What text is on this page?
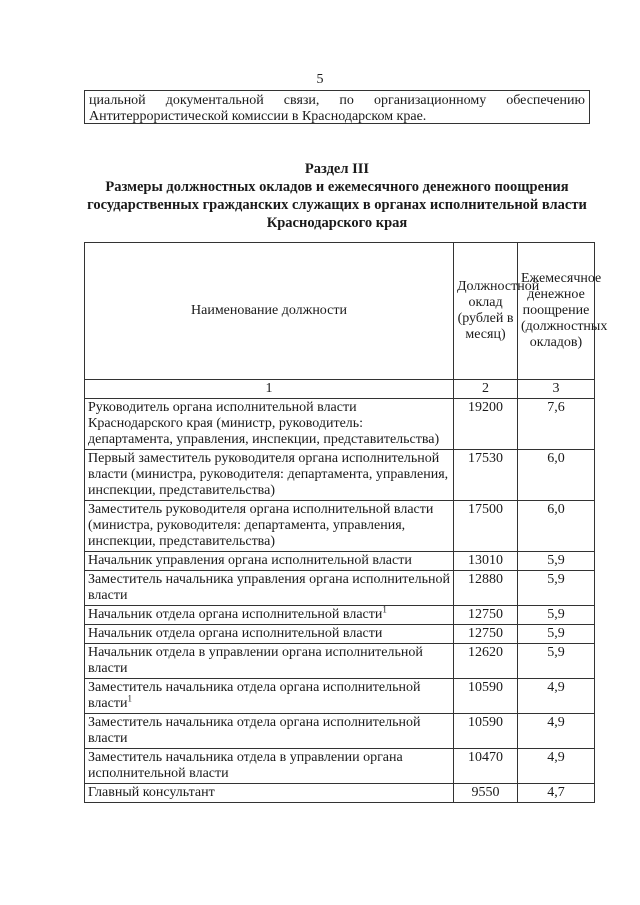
5
циальной документальной связи, по организационному обеспечению Антитеррористической комиссии в Краснодарском крае.
Раздел III
Размеры должностных окладов и ежемесячного денежного поощрения государственных гражданских служащих в органах исполнительной власти Краснодарского края
Наименование должности	Должностной оклад (рублей в месяц)	Ежемесячное денежное поощрение (должностных окладов)
1	2	3
Руководитель органа исполнительной власти Краснодарского края (министр, руководитель: департамента, управления, инспекции, представительства)	19200	7,6
Первый заместитель руководителя органа исполнительной власти (министра, руководителя: департамента, управления, инспекции, представительства)	17530	6,0
Заместитель руководителя органа исполнительной власти (министра, руководителя: департамента, управления, инспекции, представительства)	17500	6,0
Начальник управления органа исполнительной власти	13010	5,9
Заместитель начальника управления органа исполнительной власти	12880	5,9
Начальник отдела органа исполнительной власти$^1$	12750	5,9
Начальник отдела органа исполнительной власти	12750	5,9
Начальник отдела в управлении органа исполнительной власти	12620	5,9
Заместитель начальника отдела органа исполнительной власти$^1$	10590	4,9
Заместитель начальника отдела органа исполнительной власти	10590	4,9
Заместитель начальника отдела в управлении органа исполнительной власти	10470	4,9
Главный консультант	9550	4,7
